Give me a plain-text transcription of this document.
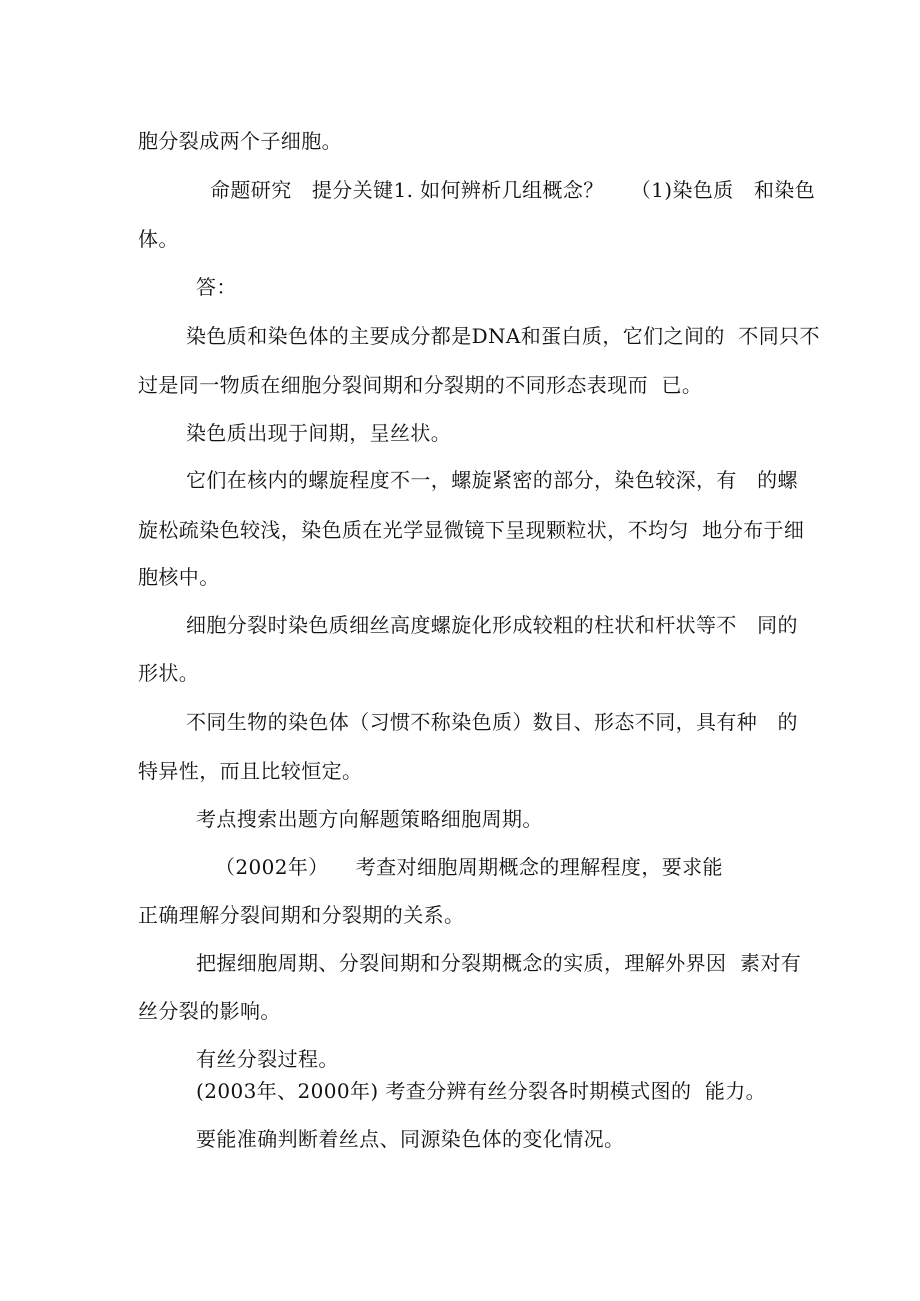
胞分裂成两个子细胞。
命题研究   提分关键1. 如何辨析几组概念？    （1)染色质   和染色
体。
答：
染色质和染色体的主要成分都是DNA和蛋白质，它们之间的  不同只不
过是同一物质在细胞分裂间期和分裂期的不同形态表现而  已。
染色质出现于间期，呈丝状。
它们在核内的螺旋程度不一，螺旋紧密的部分，染色较深，有   的螺
旋松疏染色较浅，染色质在光学显微镜下呈现颗粒状，不均匀  地分布于细
胞核中。
细胞分裂时染色质细丝高度螺旋化形成较粗的柱状和杆状等不   同的
形状。
不同生物的染色体（习惯不称染色质）数目、形态不同，具有种   的
特异性，而且比较恒定。
考点搜索出题方向解题策略细胞周期。
（2002年）    考查对细胞周期概念的理解程度，要求能
正确理解分裂间期和分裂期的关系。
把握细胞周期、分裂间期和分裂期概念的实质，理解外界因  素对有
丝分裂的影响。
有丝分裂过程。
(2003年、2000年) 考查分辨有丝分裂各时期模式图的  能力。
要能准确判断着丝点、同源染色体的变化情况。
